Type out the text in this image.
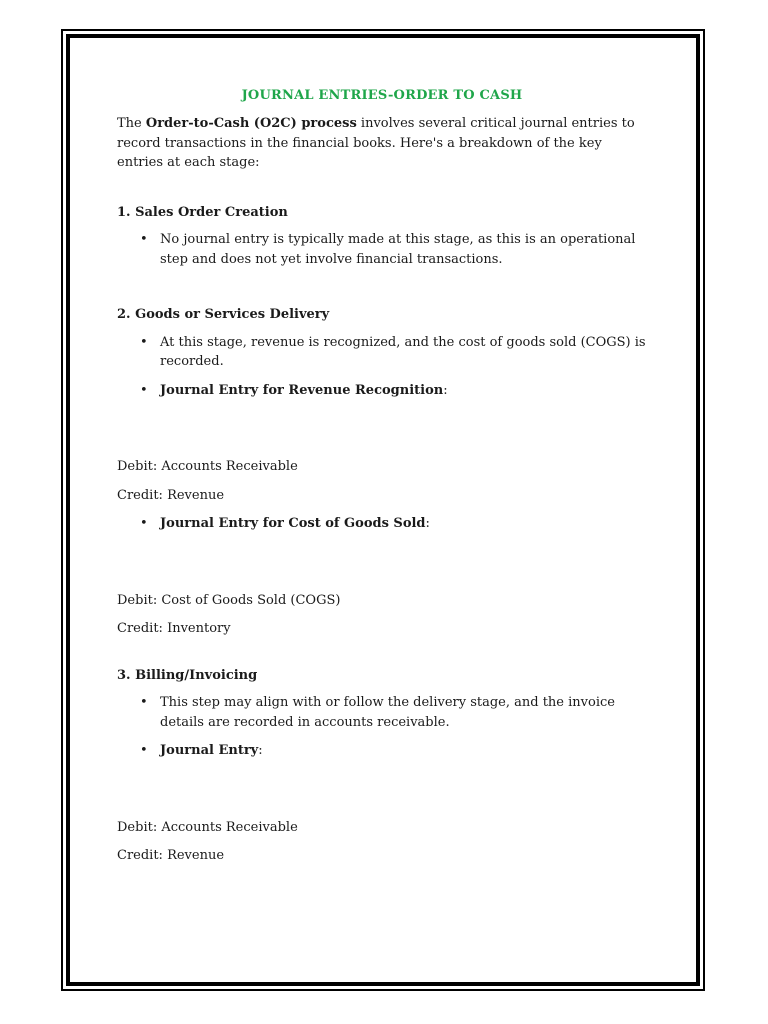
JOURNAL ENTRIES-ORDER TO CASH

The Order-to-Cash (O2C) process involves several critical journal entries to record transactions in the financial books. Here's a breakdown of the key entries at each stage:

1. Sales Order Creation

• No journal entry is typically made at this stage, as this is an operational step and does not yet involve financial transactions.

2. Goods or Services Delivery

• At this stage, revenue is recognized, and the cost of goods sold (COGS) is recorded.
• Journal Entry for Revenue Recognition:

Debit: Accounts Receivable

Credit: Revenue

• Journal Entry for Cost of Goods Sold:

Debit: Cost of Goods Sold (COGS)

Credit: Inventory

3. Billing/Invoicing

• This step may align with or follow the delivery stage, and the invoice details are recorded in accounts receivable.
• Journal Entry:

Debit: Accounts Receivable

Credit: Revenue
